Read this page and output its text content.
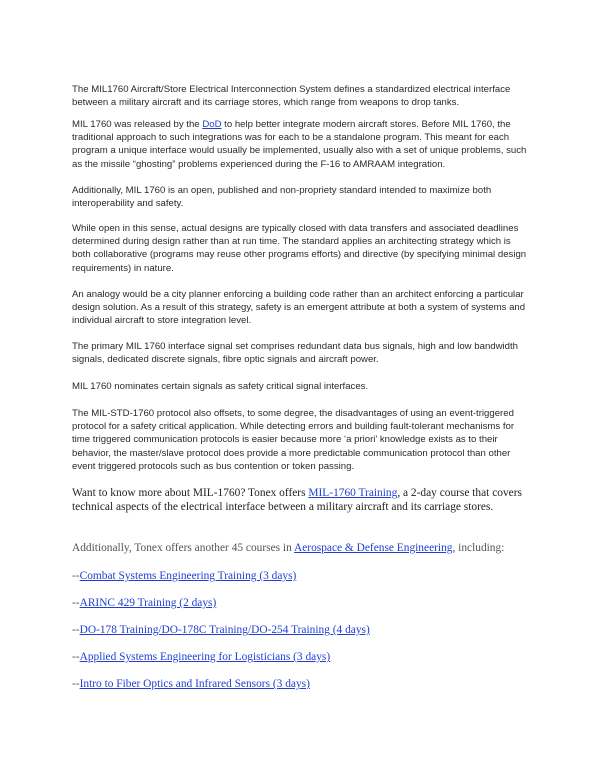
The MIL1760 Aircraft/Store Electrical Interconnection System defines a standardized electrical interface between a military aircraft and its carriage stores, which range from weapons to drop tanks.

MIL 1760 was released by the DoD to help better integrate modern aircraft stores. Before MIL 1760, the traditional approach to such integrations was for each to be a standalone program. This meant for each program a unique interface would usually be implemented, usually also with a set of unique problems, such as the missile “ghosting” problems experienced during the F-16 to AMRAAM integration.

Additionally, MIL 1760 is an open, published and non-propriety standard intended to maximize both interoperability and safety.

While open in this sense, actual designs are typically closed with data transfers and associated deadlines determined during design rather than at run time. The standard applies an architecting strategy which is both collaborative (programs may reuse other programs efforts) and directive (by specifying minimal design requirements) in nature.

An analogy would be a city planner enforcing a building code rather than an architect enforcing a particular design solution. As a result of this strategy, safety is an emergent attribute at both a system of systems and individual aircraft to store integration level.

The primary MIL 1760 interface signal set comprises redundant data bus signals, high and low bandwidth signals, dedicated discrete signals, fibre optic signals and aircraft power.

MIL 1760 nominates certain signals as safety critical signal interfaces.

The MIL-STD-1760 protocol also offsets, to some degree, the disadvantages of using an event-triggered protocol for a safety critical application. While detecting errors and building fault-tolerant mechanisms for time triggered communication protocols is easier because more ‘a priori’ knowledge exists as to their behavior, the master/slave protocol does provide a more predictable communication protocol than other event triggered protocols such as bus contention or token passing.

Want to know more about MIL-1760? Tonex offers MIL-1760 Training, a 2-day course that covers technical aspects of the electrical interface between a military aircraft and its carriage stores.

Additionally, Tonex offers another 45 courses in Aerospace & Defense Engineering, including:

--Combat Systems Engineering Training (3 days)

--ARINC 429 Training (2 days)

--DO-178 Training/DO-178C Training/DO-254 Training (4 days)

--Applied Systems Engineering for Logisticians (3 days)

--Intro to Fiber Optics and Infrared Sensors (3 days)
